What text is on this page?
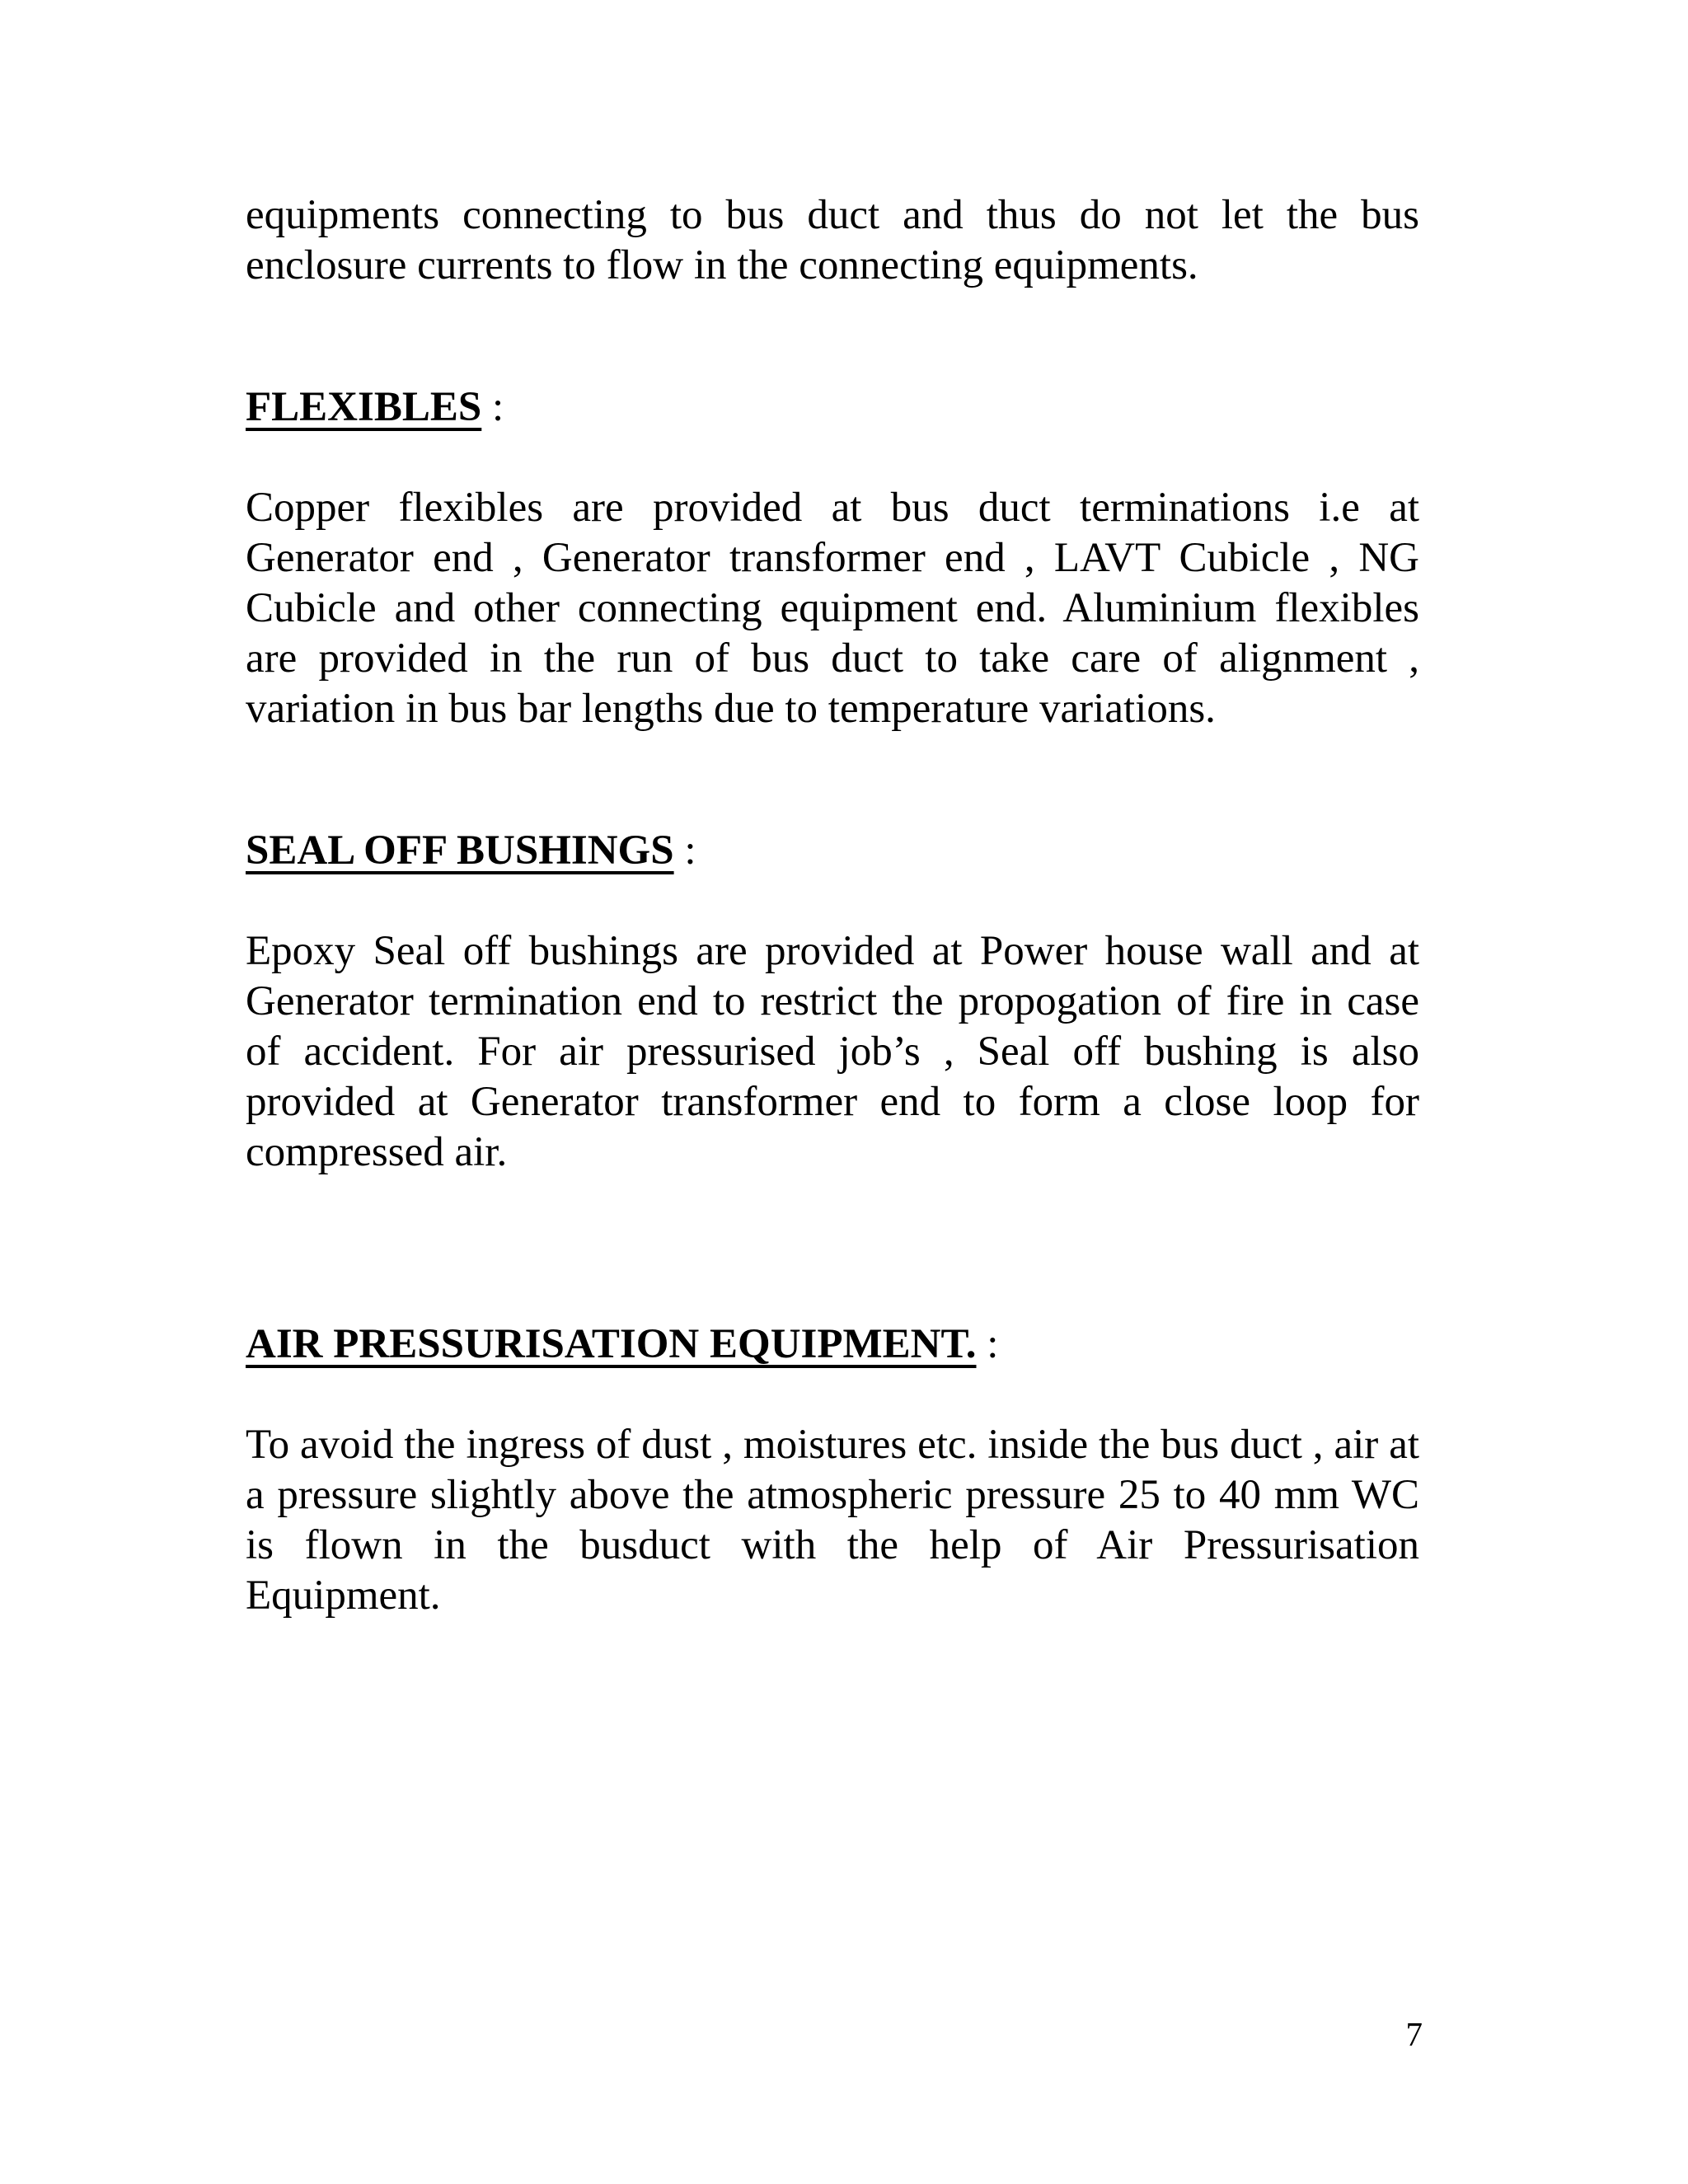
equipments connecting to bus duct and thus do not let the bus enclosure currents to flow in the connecting equipments.

FLEXIBLES :

Copper flexibles are provided at bus duct terminations i.e at Generator end , Generator transformer end , LAVT Cubicle , NG Cubicle and other connecting equipment end. Aluminium flexibles are provided in the run of bus duct to take care of alignment , variation in bus bar lengths due to temperature variations.

SEAL OFF BUSHINGS :

Epoxy Seal off bushings are provided at Power house wall and at Generator termination end to restrict the propogation of fire in case of accident. For air pressurised job’s , Seal off bushing is also provided at Generator transformer end to form a close loop for compressed air.

AIR PRESSURISATION EQUIPMENT. :

To avoid the ingress of dust , moistures etc. inside the bus duct , air at a pressure slightly above the atmospheric pressure 25 to 40 mm WC is flown in the busduct with the help of Air Pressurisation Equipment.

7
